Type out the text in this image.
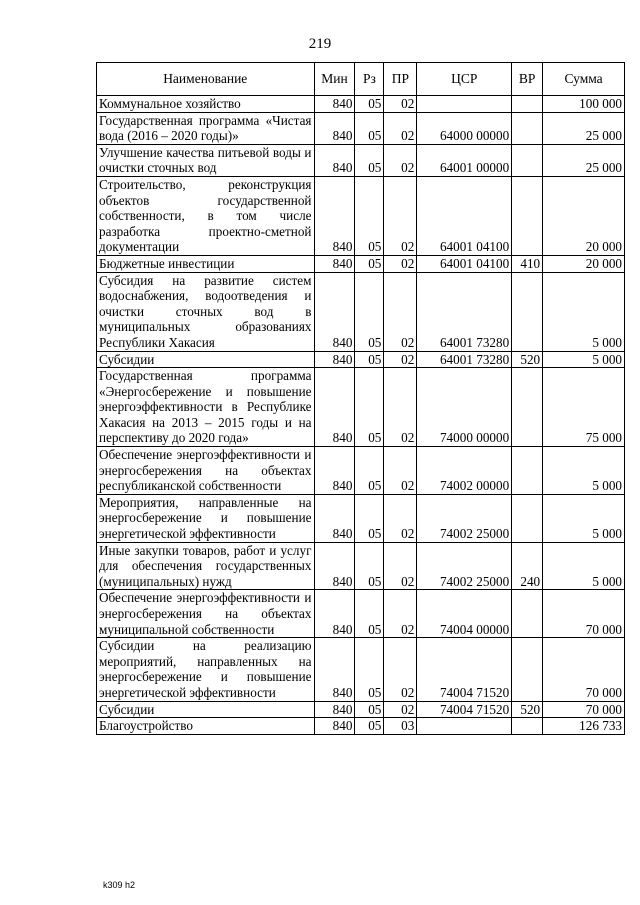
219
Наименование	Мин	Рз	ПР	ЦСР	ВР	Сумма
Коммунальное хозяйство	840	05	02			100 000
Государственная программа «Чистая вода (2016 – 2020 годы)»	840	05	02	64000 00000		25 000
Улучшение качества питьевой воды и очистки сточных вод	840	05	02	64001 00000		25 000
Строительство, реконструкция объектов государственной собственности, в том числе разработка проектно-сметной документации	840	05	02	64001 04100		20 000
Бюджетные инвестиции	840	05	02	64001 04100	410	20 000
Субсидия на развитие систем водоснабжения, водоотведения и очистки сточных вод в муниципальных образованиях Республики Хакасия	840	05	02	64001 73280		5 000
Субсидии	840	05	02	64001 73280	520	5 000
Государственная программа «Энергосбережение и повышение энергоэффективности в Республике Хакасия на 2013 – 2015 годы и на перспективу до 2020 года»	840	05	02	74000 00000		75 000
Обеспечение энергоэффективности и энергосбережения на объектах республиканской собственности	840	05	02	74002 00000		5 000
Мероприятия, направленные на энергосбережение и повышение энергетической эффективности	840	05	02	74002 25000		5 000
Иные закупки товаров, работ и услуг для обеспечения государственных (муниципальных) нужд	840	05	02	74002 25000	240	5 000
Обеспечение энергоэффективности и энергосбережения на объектах муниципальной собственности	840	05	02	74004 00000		70 000
Субсидии на реализацию мероприятий, направленных на энергосбережение и повышение энергетической эффективности	840	05	02	74004 71520		70 000
Субсидии	840	05	02	74004 71520	520	70 000
Благоустройство	840	05	03			126 733
k309 h2
